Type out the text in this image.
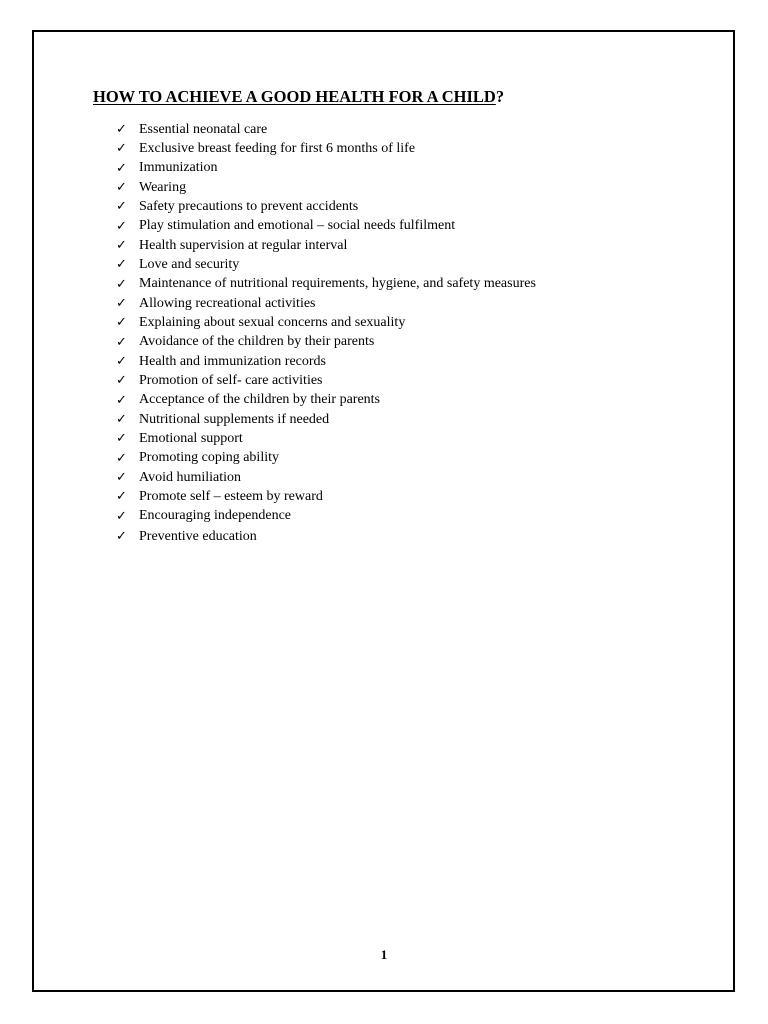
HOW TO ACHIEVE A GOOD HEALTH FOR A CHILD?
✓ Essential neonatal care
✓ Exclusive breast feeding for first 6 months of life
✓ Immunization
✓ Wearing
✓ Safety precautions to prevent accidents
✓ Play stimulation and emotional – social needs fulfilment
✓ Health supervision at regular interval
✓ Love and security
✓ Maintenance of nutritional requirements, hygiene, and safety measures
✓ Allowing recreational activities
✓ Explaining about sexual concerns and sexuality
✓ Avoidance of the children by their parents
✓ Health and immunization records
✓ Promotion of self- care activities
✓ Acceptance of the children by their parents
✓ Nutritional supplements if needed
✓ Emotional support
✓ Promoting coping ability
✓ Avoid humiliation
✓ Promote self – esteem by reward
✓ Encouraging independence
✓ Preventive education
1
